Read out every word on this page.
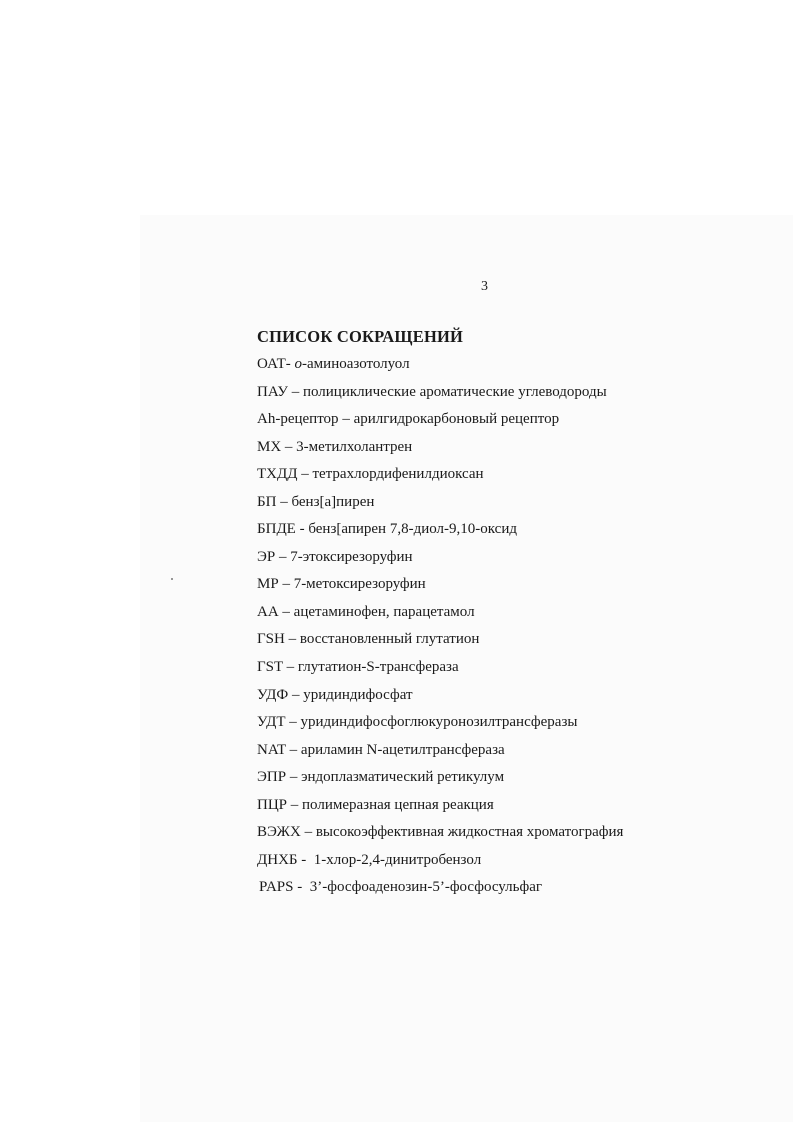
3
СПИСОК СОКРАЩЕНИЙ
ОАТ- о-аминоазотолуол
ПАУ – полициклические ароматические углеводороды
Ah-рецептор – арилгидрокарбоновый рецептор
МХ – 3-метилхолантрен
ТХДД – тетрахлордифенилдиоксан
БП – бенз[а]пирен
БПДЕ - бенз[апирен 7,8-диол-9,10-оксид
ЭР – 7-этоксирезоруфин
МР – 7-метоксирезоруфин
АА – ацетаминофен, парацетамол
ГSH – восстановленный глутатион
ГST – глутатион-S-трансфераза
УДФ – уридиндифосфат
УДТ – уридиндифосфоглюкуронозилтрансферазы
NAT – ариламин N-ацетилтрансфераза
ЭПР – эндоплазматический ретикулум
ПЦР – полимеразная цепная реакция
ВЭЖХ – высокоэффективная жидкостная хроматография
ДНХБ -  1-хлор-2,4-динитробензол
PAPS -  3’-фосфоаденозин-5’-фосфосульфаг
